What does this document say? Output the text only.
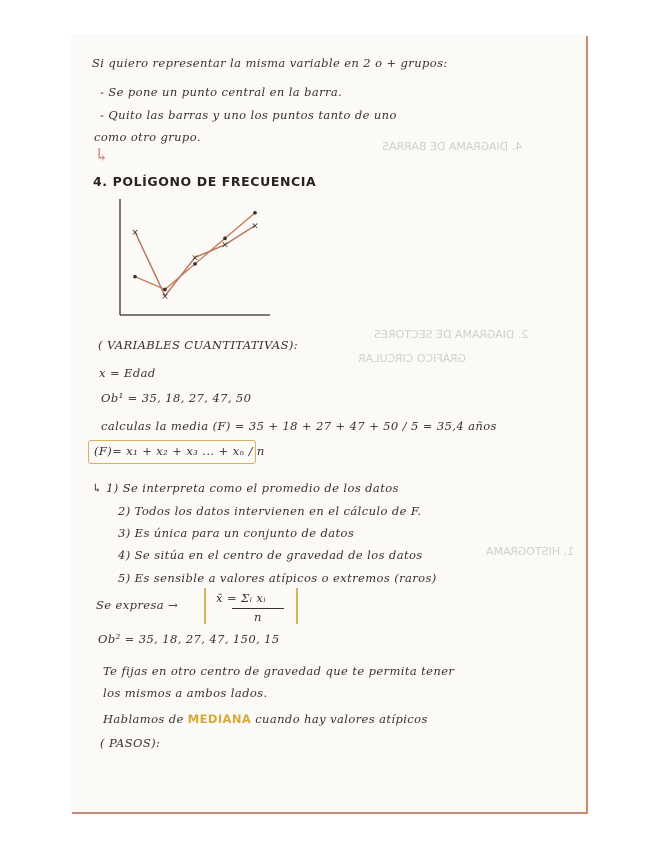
4. DIAGRAMA DE BARRAS
2. DIAGRAMA DE SECTORES
GRÁFICO CIRCULAR
1. HISTOGRAMA
Si quiero representar la misma variable en 2 o + grupos:
- Se pone un punto central en la barra.
- Quito las barras y uno los puntos tanto de uno
como otro grupo.
↳
4. POLÍGONO DE FRECUENCIA
×
×
×
×
×
( VARIABLES CUANTITATIVAS):
x = Edad
Ob¹ = 35, 18, 27, 47, 50
calculas la media (F) = 35 + 18 + 27 + 47 + 50 / 5 = 35,4 años
(F)= x₁ + x₂ + x₃ ... + xₙ / n
↳ 1) Se interpreta como el promedio de los datos
2) Todos los datos intervienen en el cálculo de F.
3) Es única para un conjunto de datos
4) Se sitúa en el centro de gravedad de los datos
5) Es sensible a valores atípicos o extremos (raros)
Se expresa →	x̄ = Σᵢ xᵢ
n
Ob² = 35, 18, 27, 47, 150, 15
Te fijas en otro centro de gravedad que te permita tener
los mismos a ambos lados.
Hablamos de MEDIANA cuando hay valores atípicos
( PASOS):
